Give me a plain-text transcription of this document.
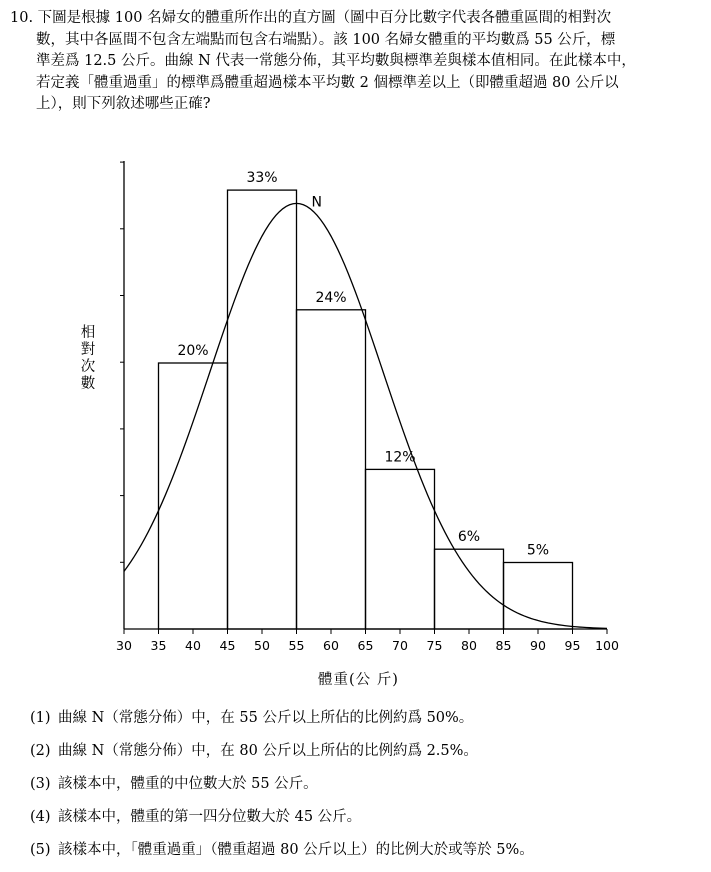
10. 下圖是根據 100 名婦女的體重所作出的直方圖（圖中百分比數字代表各體重區間的相對次
數，其中各區間不包含左端點而包含右端點）。該 100 名婦女體重的平均數爲 55 公斤，標
準差爲 12.5 公斤。曲線 N 代表一常態分佈，其平均數與標準差與樣本值相同。在此樣本中，
若定義「體重過重」的標準爲體重超過樣本平均數 2 個標準差以上（即體重超過 80 公斤以
上），則下列敘述哪些正確?
30 35 40 45 50 55 60 65 70 75 80 85 90 95 100
20%
33%
24%
12%
6%
5%
N
相對次數
體重(公 斤)
(1) 曲線 N（常態分佈）中，在 55 公斤以上所佔的比例約爲 50%。
(2) 曲線 N（常態分佈）中，在 80 公斤以上所佔的比例約爲 2.5%。
(3) 該樣本中，體重的中位數大於 55 公斤。
(4) 該樣本中，體重的第一四分位數大於 45 公斤。
(5) 該樣本中，「體重過重」（體重超過 80 公斤以上）的比例大於或等於 5%。
